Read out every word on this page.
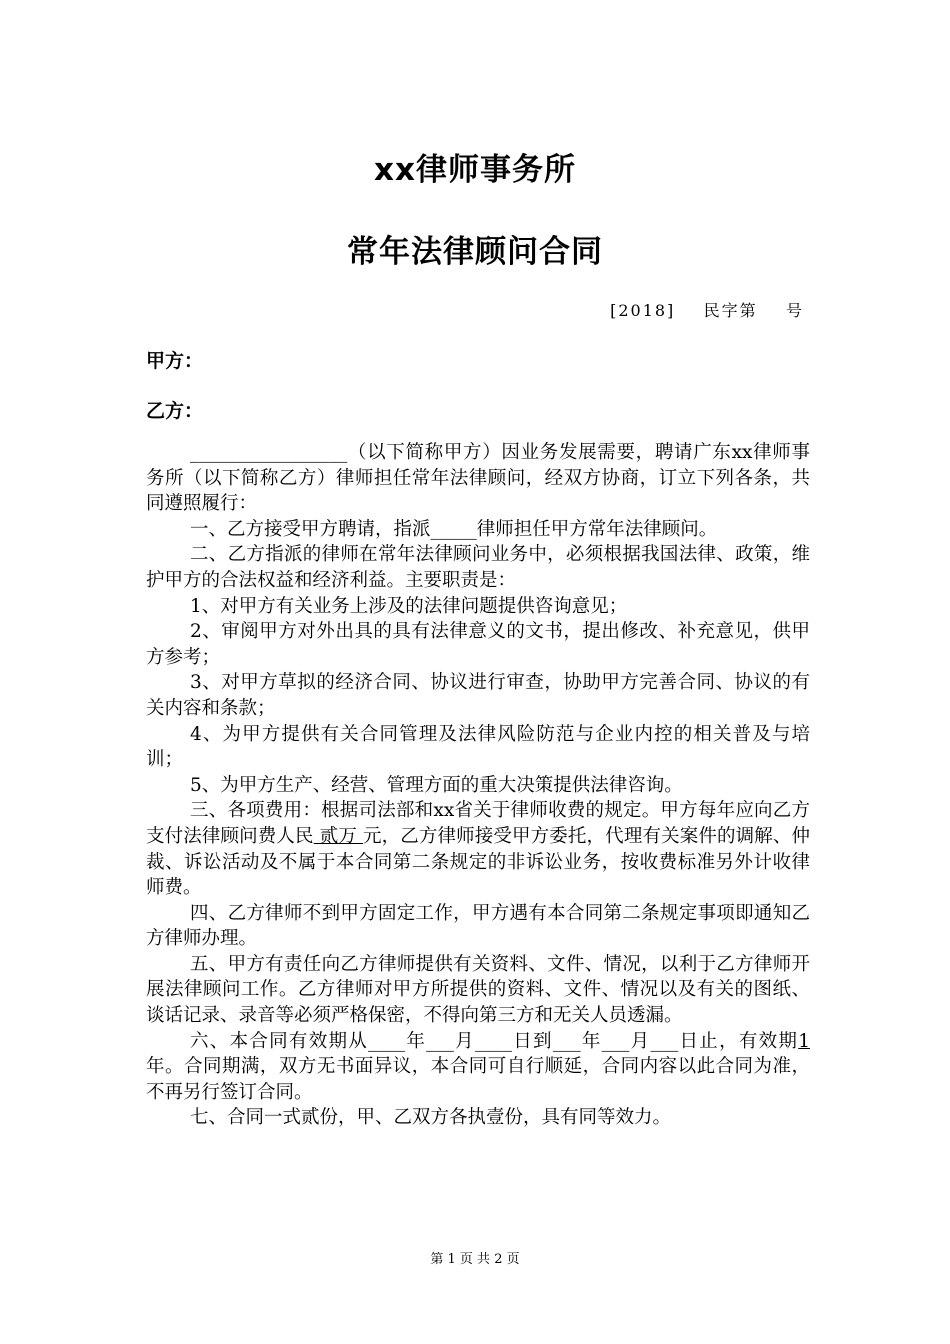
xx律师事务所
常年法律顾问合同
[2018]    民字第    号
甲方：
乙方：

_________________（以下简称甲方）因业务发展需要，聘请广东xx律师事务所（以下简称乙方）律师担任常年法律顾问，经双方协商，订立下列各条，共同遵照履行：

一、乙方接受甲方聘请，指派_____律师担任甲方常年法律顾问。

二、乙方指派的律师在常年法律顾问业务中，必须根据我国法律、政策，维护甲方的合法权益和经济利益。主要职责是：

1、对甲方有关业务上涉及的法律问题提供咨询意见；

2、审阅甲方对外出具的具有法律意义的文书，提出修改、补充意见，供甲方参考；

3、对甲方草拟的经济合同、协议进行审查，协助甲方完善合同、协议的有关内容和条款；

4、为甲方提供有关合同管理及法律风险防范与企业内控的相关普及与培训；

5、为甲方生产、经营、管理方面的重大决策提供法律咨询。

三、各项费用：根据司法部和xx省关于律师收费的规定。甲方每年应向乙方支付法律顾问费人民 贰万 元，乙方律师接受甲方委托，代理有关案件的调解、仲裁、诉讼活动及不属于本合同第二条规定的非诉讼业务，按收费标准另外计收律师费。

四、乙方律师不到甲方固定工作，甲方遇有本合同第二条规定事项即通知乙方律师办理。

五、甲方有责任向乙方律师提供有关资料、文件、情况，以利于乙方律师开展法律顾问工作。乙方律师对甲方所提供的资料、文件、情况以及有关的图纸、谈话记录、录音等必须严格保密，不得向第三方和无关人员透漏。

六、本合同有效期从____年___月____日到___年___月___日止，有效期1年。合同期满，双方无书面异议，本合同可自行顺延，合同内容以此合同为准，不再另行签订合同。

七、合同一式贰份，甲、乙双方各执壹份，具有同等效力。

第 1 页 共 2 页
